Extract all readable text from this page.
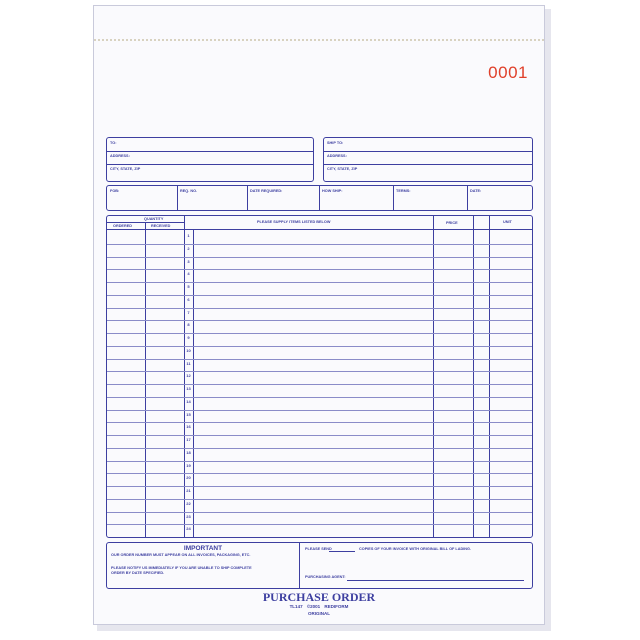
0001
TO:
ADDRESS:
CITY, STATE, ZIP
SHIP TO:
ADDRESS:
CITY, STATE, ZIP
FOB:	REQ. NO.	DATE REQUIRED:	HOW SHIP:	TERMS:	DATE:
QUANTITY
ORDERED	RECEIVED
PLEASE SUPPLY ITEMS LISTED BELOW	PRICE	UNIT
1
2
3
4
5
6
7
8
9
10
11
12
13
14
15
16
17
18
19
20
21
22
23
24
IMPORTANT
OUR ORDER NUMBER MUST APPEAR ON ALL INVOICES, PACKAGING, ETC.
PLEASE NOTIFY US IMMEDIATELY IF YOU ARE UNABLE TO SHIP COMPLETE ORDER BY DATE SPECIFIED.
PLEASE SEND	COPIES OF YOUR INVOICE WITH ORIGINAL BILL OF LADING.
PURCHASING AGENT:
PURCHASE ORDER
TL147 ©2001 REDIFORM
ORIGINAL
